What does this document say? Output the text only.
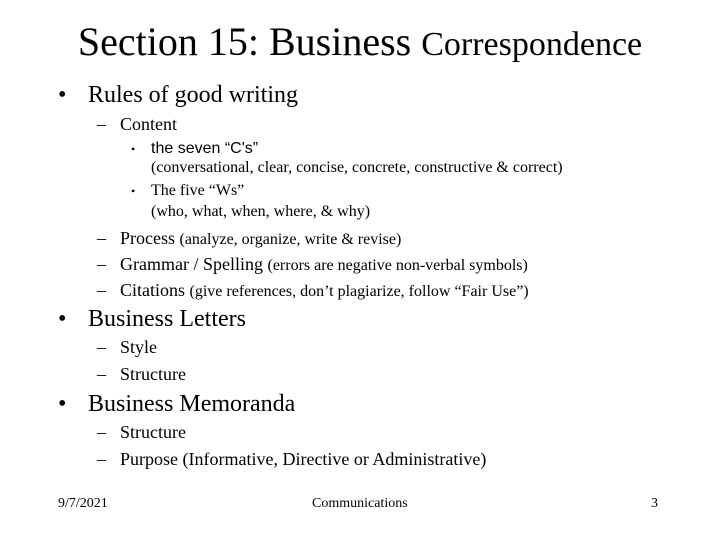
Section 15: Business Correspondence
• Rules of good writing
– Content
• the seven “C's”
(conversational, clear, concise, concrete, constructive & correct)
• The five “Ws”
(who, what, when, where, & why)
– Process (analyze, organize, write & revise)
– Grammar / Spelling (errors are negative non-verbal symbols)
– Citations (give references, don’t plagiarize, follow “Fair Use”)
• Business Letters
– Style
– Structure
• Business Memoranda
– Structure
– Purpose (Informative, Directive or Administrative)
9/7/2021	Communications	3
